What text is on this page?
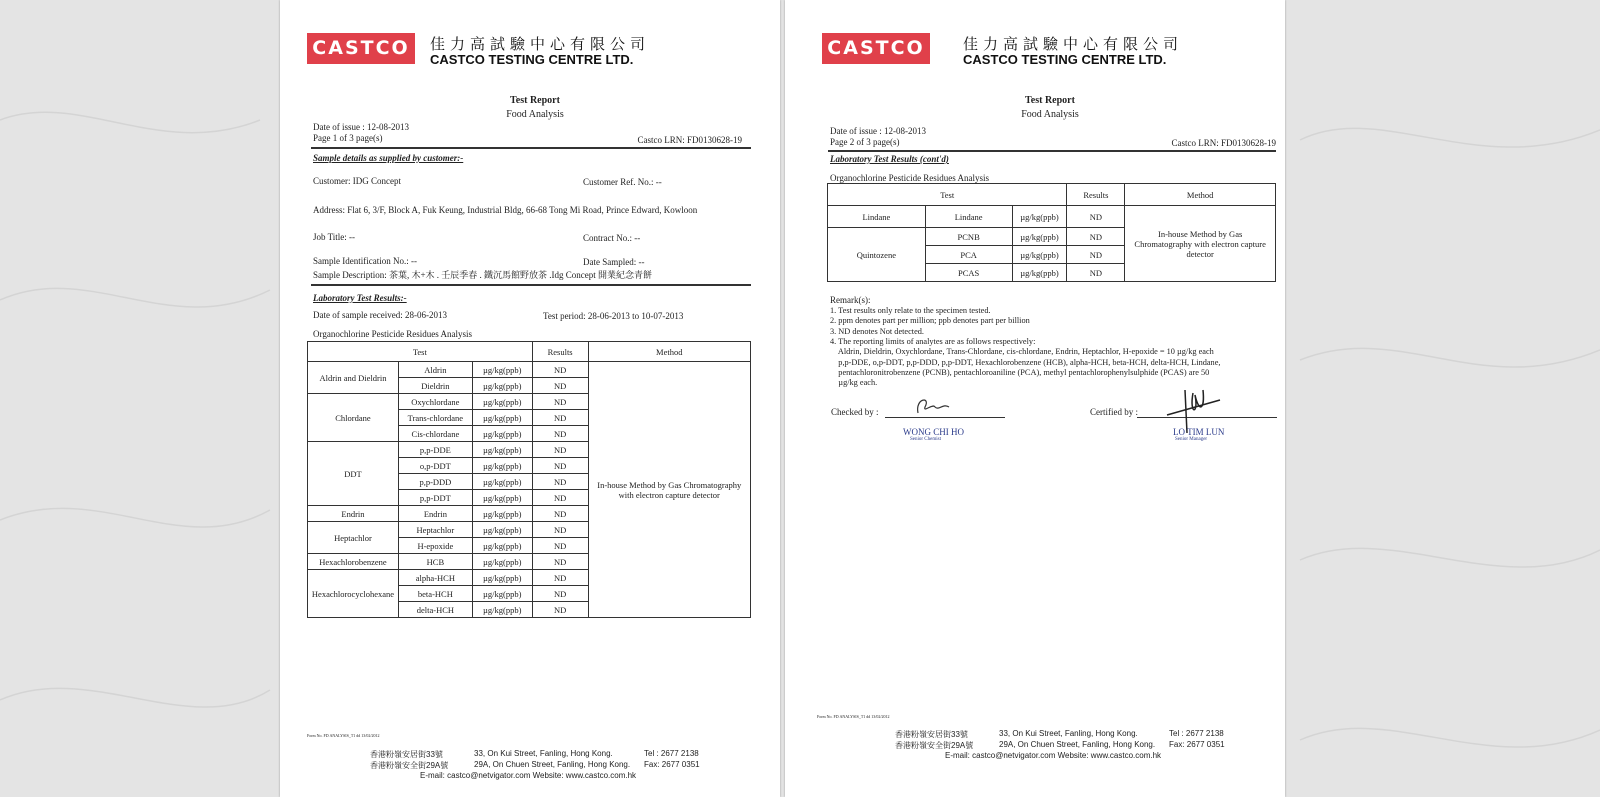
CASTCO	佳力高試驗中心有限公司
CASTCO TESTING CENTRE LTD.
Test Report
Food Analysis
Date of issue : 12-08-2013
Page 1 of 3 page(s)	Castco LRN: FD0130628-19
Sample details as supplied by customer:-
Customer: IDG Concept	Customer Ref. No.: --
Address: Flat 6, 3/F, Block A, Fuk Keung, Industrial Bldg, 66-68 Tong Mi Road, Prince Edward, Kowloon
Job Title: --	Contract No.: --
Sample Identification No.: --	Date Sampled: --
Sample Description: 茶葉, 木+木 . 壬辰季春 . 鐵沉馬館野放茶 .Idg Concept 開業紀念青餅
Laboratory Test Results:-
Date of sample received: 28-06-2013	Test period: 28-06-2013 to 10-07-2013
Organochlorine Pesticide Residues Analysis
Test			Results	Method
Aldrin and Dieldrin	Aldrin	µg/kg(ppb)	ND	In-house Method by Gas Chromatography with electron capture detector
	Dieldrin	µg/kg(ppb)	ND	
Chlordane	Oxychlordane	µg/kg(ppb)	ND	
	Trans-chlordane	µg/kg(ppb)	ND	
	Cis-chlordane	µg/kg(ppb)	ND	
DDT	p,p-DDE	µg/kg(ppb)	ND	
	o,p-DDT	µg/kg(ppb)	ND	
	p,p-DDD	µg/kg(ppb)	ND	
	p,p-DDT	µg/kg(ppb)	ND	
Endrin	Endrin	µg/kg(ppb)	ND	
Heptachlor	Heptachlor	µg/kg(ppb)	ND	
	H-epoxide	µg/kg(ppb)	ND	
Hexachlorobenzene	HCB	µg/kg(ppb)	ND	
Hexachlorocyclohexane	alpha-HCH	µg/kg(ppb)	ND	
	beta-HCH	µg/kg(ppb)	ND	
	delta-HCH	µg/kg(ppb)	ND	
Form No. FD ANALYSIS_T1 dd 13/02/2012
香港粉嶺安居街33號	33, On Kui Street, Fanling, Hong Kong.	Tel : 2677 2138
香港粉嶺安全街29A號	29A, On Chuen Street, Fanling, Hong Kong. Fax: 2677 0351
E-mail: castco@netvigator.com Website: www.castco.com.hk
CASTCO	佳力高試驗中心有限公司
CASTCO TESTING CENTRE LTD.
Test Report
Food Analysis
Date of issue : 12-08-2013
Page 2 of 3 page(s)	Castco LRN: FD0130628-19
Laboratory Test Results (cont'd)
Organochlorine Pesticide Residues Analysis
Test			Results	Method
Lindane	Lindane	µg/kg(ppb)	ND	In-house Method by Gas Chromatography with electron capture detector
Quintozene	PCNB	µg/kg(ppb)	ND	
	PCA	µg/kg(ppb)	ND	
	PCAS	µg/kg(ppb)	ND	
Remark(s):
1. Test results only relate to the specimen tested.
2. ppm denotes part per million; ppb denotes part per billion
3. ND denotes Not detected.
4. The reporting limits of analytes are as follows respectively:
Aldrin, Dieldrin, Oxychlordane, Trans-Chlordane, cis-chlordane, Endrin, Heptachlor, H-epoxide = 10 µg/kg each
p,p-DDE, o,p-DDT, p,p-DDD, p,p-DDT, Hexachlorobenzene (HCB), alpha-HCH, beta-HCH, delta-HCH, Lindane,
pentachloronitrobenzene (PCNB), pentachloroaniline (PCA), methyl pentachlorophenylsulphide (PCAS) are 50
µg/kg each.
Checked by :
WONG CHI HO
Senior Chemist
Certified by :
LO TIM LUN
Senior Manager
Form No. FD ANALYSIS_T1 dd 13/02/2012
香港粉嶺安居街33號	33, On Kui Street, Fanling, Hong Kong.	Tel : 2677 2138
香港粉嶺安全街29A號	29A, On Chuen Street, Fanling, Hong Kong. Fax: 2677 0351
E-mail: castco@netvigator.com Website: www.castco.com.hk
